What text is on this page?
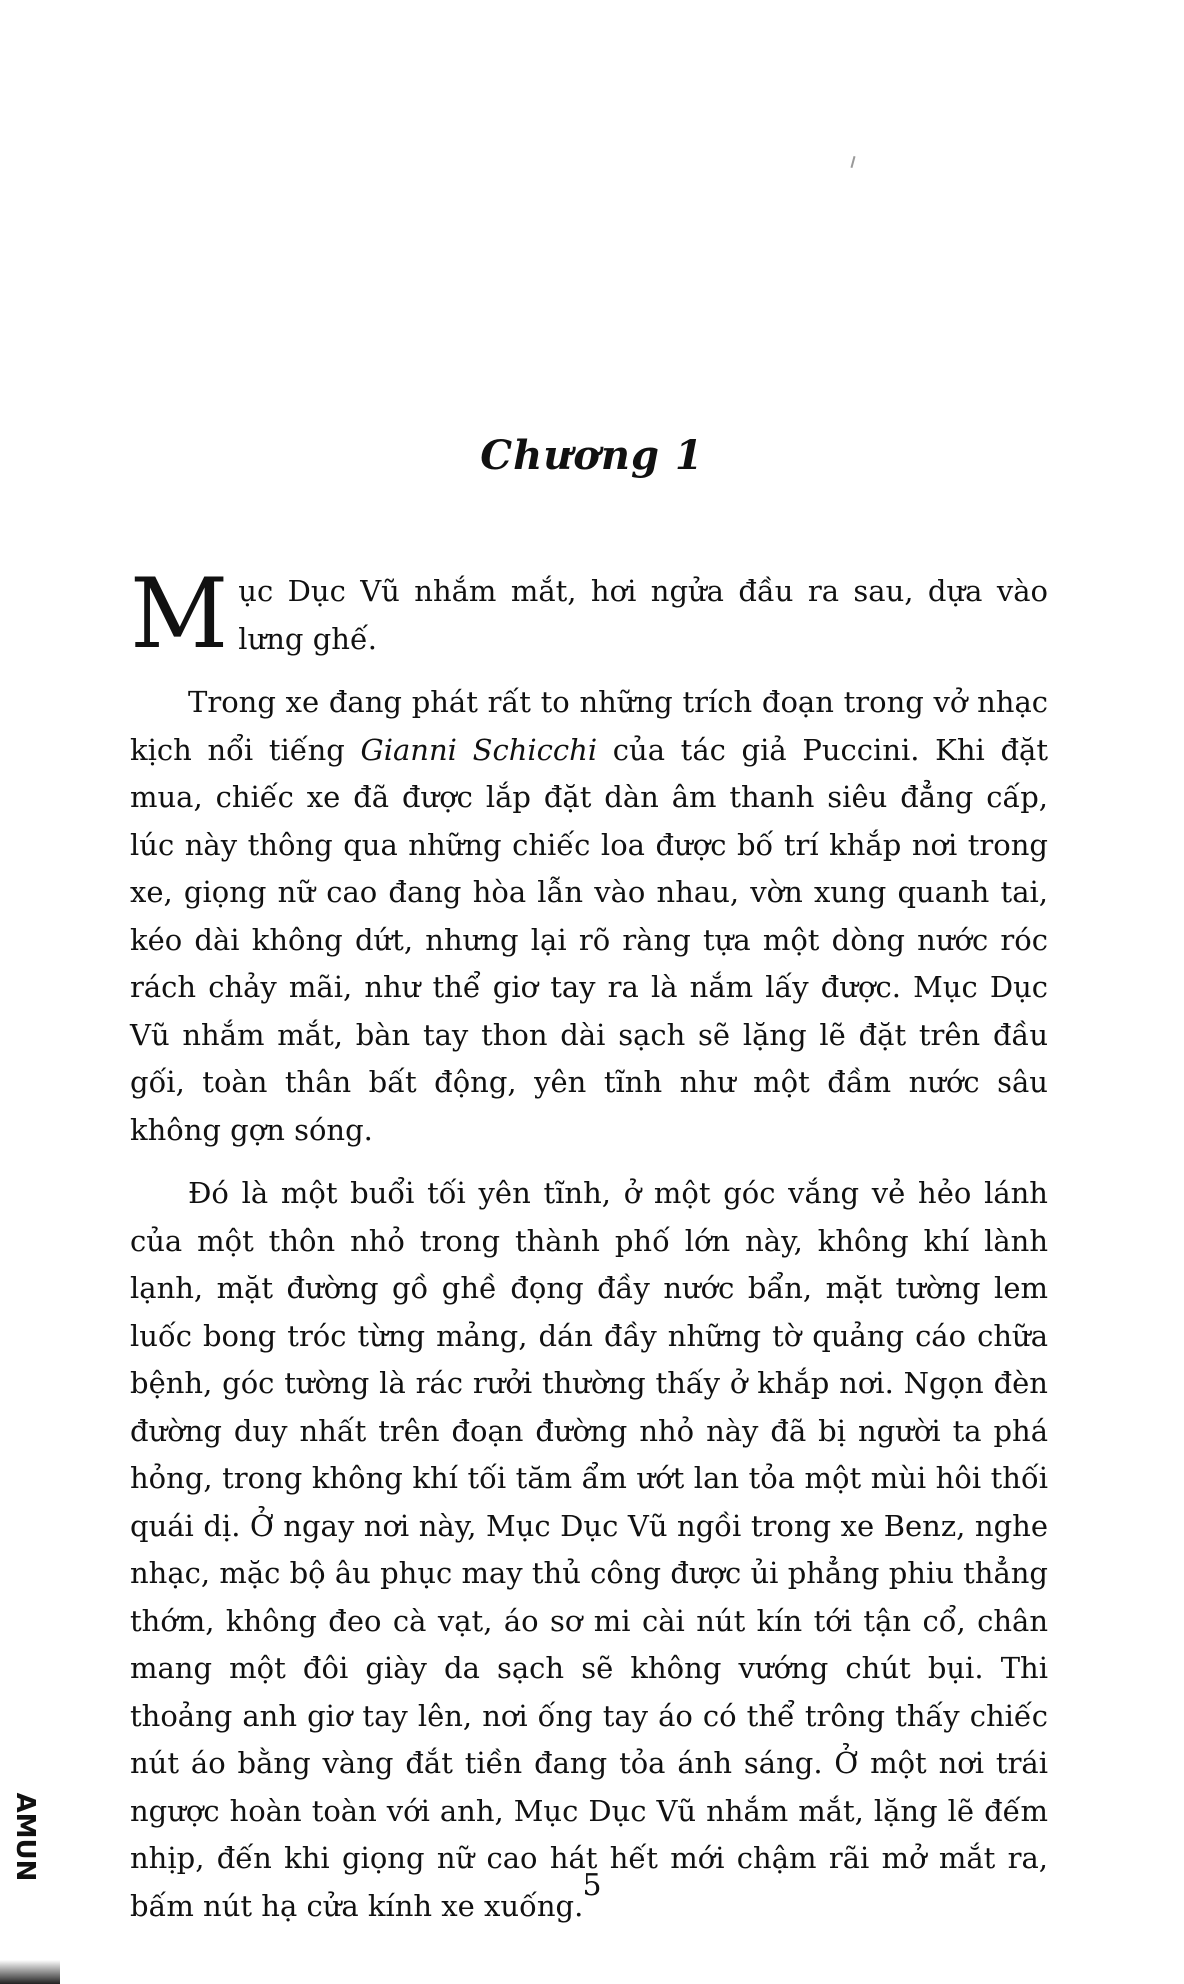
Chương 1

Mục Dục Vũ nhắm mắt, hơi ngửa đầu ra sau, dựa vào lưng ghế.

Trong xe đang phát rất to những trích đoạn trong vở nhạc kịch nổi tiếng Gianni Schicchi của tác giả Puccini. Khi đặt mua, chiếc xe đã được lắp đặt dàn âm thanh siêu đẳng cấp, lúc này thông qua những chiếc loa được bố trí khắp nơi trong xe, giọng nữ cao đang hòa lẫn vào nhau, vờn xung quanh tai, kéo dài không dứt, nhưng lại rõ ràng tựa một dòng nước róc rách chảy mãi, như thể giơ tay ra là nắm lấy được. Mục Dục Vũ nhắm mắt, bàn tay thon dài sạch sẽ lặng lẽ đặt trên đầu gối, toàn thân bất động, yên tĩnh như một đầm nước sâu không gợn sóng.

Đó là một buổi tối yên tĩnh, ở một góc vắng vẻ hẻo lánh của một thôn nhỏ trong thành phố lớn này, không khí lành lạnh, mặt đường gồ ghề đọng đầy nước bẩn, mặt tường lem luốc bong tróc từng mảng, dán đầy những tờ quảng cáo chữa bệnh, góc tường là rác rưởi thường thấy ở khắp nơi. Ngọn đèn đường duy nhất trên đoạn đường nhỏ này đã bị người ta phá hỏng, trong không khí tối tăm ẩm ướt lan tỏa một mùi hôi thối quái dị. Ở ngay nơi này, Mục Dục Vũ ngồi trong xe Benz, nghe nhạc, mặc bộ âu phục may thủ công được ủi phẳng phiu thẳng thớm, không đeo cà vạt, áo sơ mi cài nút kín tới tận cổ, chân mang một đôi giày da sạch sẽ không vướng chút bụi. Thi thoảng anh giơ tay lên, nơi ống tay áo có thể trông thấy chiếc nút áo bằng vàng đắt tiền đang tỏa ánh sáng. Ở một nơi trái ngược hoàn toàn với anh, Mục Dục Vũ nhắm mắt, lặng lẽ đếm nhịp, đến khi giọng nữ cao hát hết mới chậm rãi mở mắt ra, bấm nút hạ cửa kính xe xuống.

AMUN
5
